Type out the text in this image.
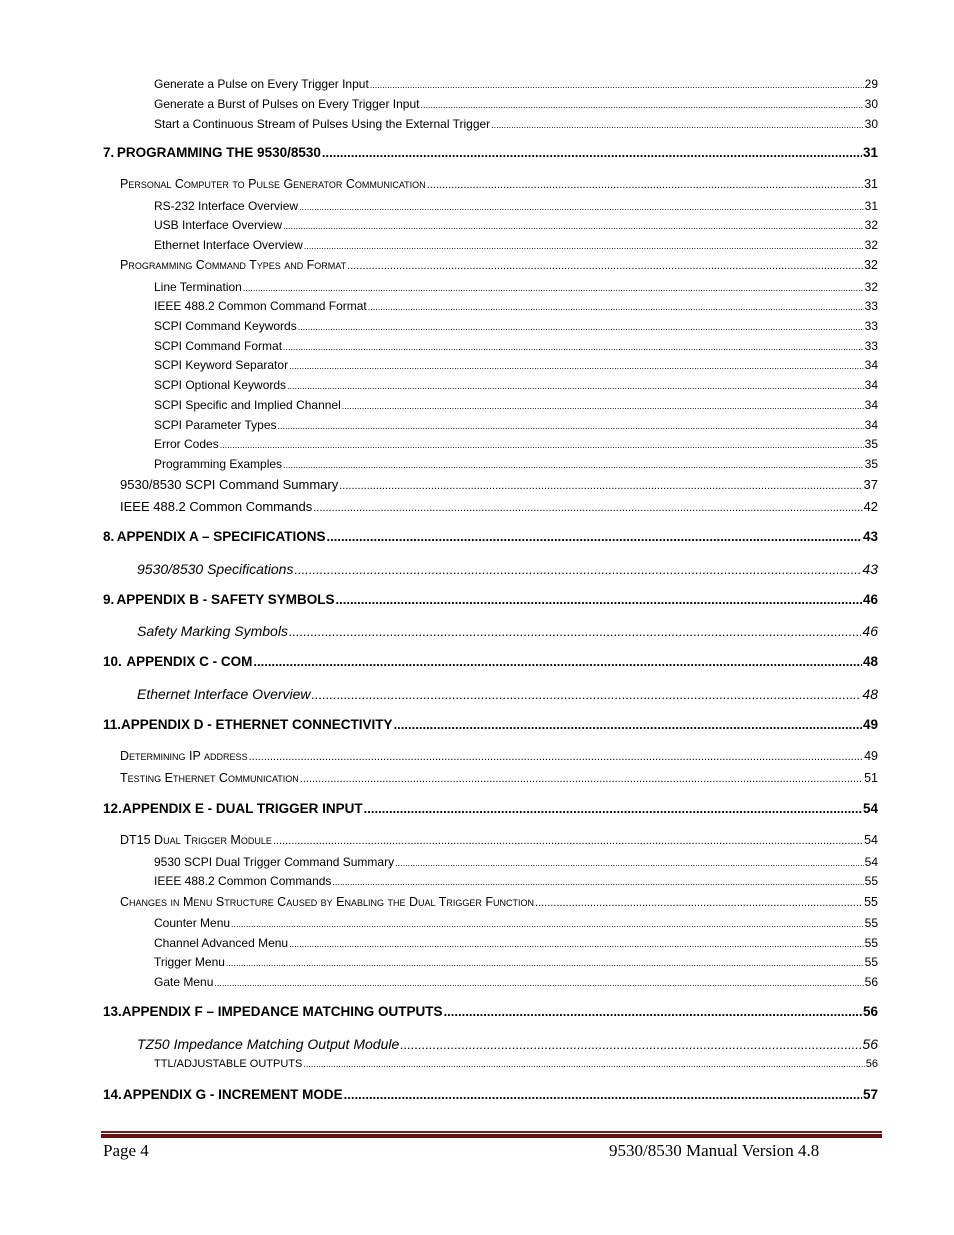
Generate a Pulse on Every Trigger Input .....	29
Generate a Burst of Pulses on Every Trigger Input .....	30
Start a Continuous Stream of Pulses Using the External Trigger .....	30
7. PROGRAMMING THE 9530/8530 .....	31
Personal Computer to Pulse Generator Communication .....	31
RS-232 Interface Overview .....	31
USB Interface Overview .....	32
Ethernet Interface Overview .....	32
Programming Command Types and Format .....	32
Line Termination .....	32
IEEE 488.2 Common Command Format .....	33
SCPI Command Keywords .....	33
SCPI Command Format .....	33
SCPI Keyword Separator .....	34
SCPI Optional Keywords .....	34
SCPI Specific and Implied Channel .....	34
SCPI Parameter Types .....	34
Error Codes .....	35
Programming Examples .....	35
9530/8530 SCPI Command Summary .....	37
IEEE 488.2 Common Commands .....	42
8. APPENDIX A – SPECIFICATIONS .....	43
9530/8530 Specifications .....	43
9. APPENDIX B - SAFETY SYMBOLS .....	46
Safety Marking Symbols .....	46
10. APPENDIX C - COM .....	48
Ethernet Interface Overview .....	48
11. APPENDIX D - ETHERNET CONNECTIVITY .....	49
Determining IP address .....	49
Testing Ethernet Communication .....	51
12. APPENDIX E - DUAL TRIGGER INPUT .....	54
DT15 Dual Trigger Module .....	54
9530 SCPI Dual Trigger Command Summary .....	54
IEEE 488.2 Common Commands .....	55
Changes in Menu Structure Caused by Enabling the Dual Trigger Function .....	55
Counter Menu .....	55
Channel Advanced Menu .....	55
Trigger Menu .....	55
Gate Menu .....	56
13. APPENDIX F – IMPEDANCE MATCHING OUTPUTS .....	56
TZ50 Impedance Matching Output Module .....	56
TTL/ADJUSTABLE OUTPUTS .....	56
14. APPENDIX G - INCREMENT MODE .....	57
Page 4	9530/8530 Manual Version 4.8
